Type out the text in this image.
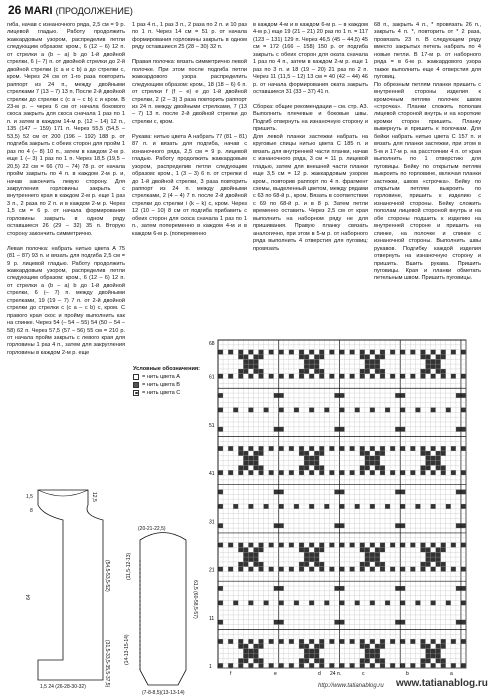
26 MARI (ПРОДОЛЖЕНИЕ)
гиба, начав с изнаночного ряда, 2,5 см = 9 р. лицевой гладью. Работу продолжить жаккардовым узором, распределив петли следующим образом: кром., 6 (12 – 6) 12 п. от стрелки а (b – a) b до 1-й двойной стрелки, 6 (– 7) п. от двойной стрелки до 2-й двойной стрелки (с a и с b) а до стрелки с, кром. Через 24 см от 1-го раза повторить раппорт из 24 п., между двойными стрелками 7 (13 – 7) 13 п. После 2-й двойной стрелки до стрелки с (с a – с b) с и кром. В 23-м р. – через 6 см от начала бокового скоса закрыть для скоса сначала 1 раз по 1 п. и затем в каждом 14-м р. (12 – 14) 12 п., 135 (147 – 159) 171 п. Через 55,5 (54,5 – 53,5) 52 см от 200 (196 – 192) 188 р. от подгиба закрыть с обеих сторон для пройм 1 раз по 4 (– 8) 10 п., затем в каждом 2-м р. еще 1 (– 3) 1 раз по 1 п. Через 18,5 (19,5 – 20,5) 22 см = 66 (70 – 74) 78 р. от начала пройм закрыть по 4 п. в каждом 2-м р. и, начав закончить левую сторону. Для закругления горловины закрыть с внутреннего края в каждом 2-м р. еще 1 раз 3 п., 2 раза по 2 п. и в каждом 2-м р. Через 1,5 см = 6 р. от начала формирования горловины закрыть в одном ряду оставшиеся 26 (29 – 32) 35 п. Вторую сторону закончить симметрично.

Левая полочка: набрать нитью цвета A 75 (81 – 87) 93 п. и вязать для подгиба 2,5 см = 9 р. лицевой гладью. Работу продолжить жаккардовым узором, распределив петли следующим образом: кром., 6 (12 – 6) 12 п. от стрелки а (b – a) b до 1-й двойной стрелки, 6 (– 7) п. между двойными стрелками, 19 (19 – 7) 7 п. от 2-й двойной стрелки до стрелки с (с a – с b) с, кром. С правого края скос и пройму выполнить как на спинке. Через 54 (– 54 – 55) 54 (50 – 54 – 58) 62 п. Через 57,5 (57 – 56) 55 см = 210 р. от начала пройм закрыть с левого края для горловины 1 раз 4 п., затем для закругления горловины в каждом 2-м р. еще
1 раз 4 п., 1 раз 3 п., 2 раза по 2 п. и 10 раз по 1 п. Через 14 см = 51 р. от начала формирования горловины закрыть в одном ряду оставшиеся 25 (28 – 30) 32 п.

Правая полочка: вязать симметрично левой полочке. При этом после подгиба петли жаккардового узора распределить следующим образом: кром., 18 (18 – 6) 6 п. от стрелки f (f – e) е до 1-й двойной стрелки, 2 (2 – 3) 3 раза повторить раппорт из 24 п. между двойными стрелками, 7 (13 – 7) 13 п. после 2-й двойной стрелки до стрелки с, кром.

Рукава: нитью цвета A набрать 77 (81 – 81) 87 п. и вязать для подгиба, начав с изнаночного ряда, 2,5 см = 9 р. лицевой гладью. Работу продолжить жаккардовым узором, распределив петли следующим образом: кром., 1 (3 – 3) 6 п. от стрелки d до 1-й двойной стрелки, 3 раза повторить раппорт из 24 п. между двойными стрелками, 2 (4 – 4) 7 п. после 2-й двойной стрелки до стрелки i (k – k) с, кром. Через 12 (10 – 10) 8 см от подгиба прибавить с обеих сторон для скоса сначала 1 раз по 1 п., затем попеременно в каждом 4-м и в каждом 6-м р. (попеременно
в каждом 4-м и в каждом 6-м р. – в каждом 4-м р.) еще 19 (21 – 21) 20 раз по 1 п. = 117 (123 – 131) 129 п. Через 46,5 (45 – 44,5) 45 см = 172 (166 – 158) 150 р. от подгиба закрыть с обеих сторон для оката сначала 1 раз по 4 п., затем в каждом 2-м р. еще 1 раз по 3 п. и 18 (19 – 20) 21 раз по 2 п. Через 11 (11,5 – 12) 13 см = 40 (42 – 44) 46 р. от начала формирования оката закрыть оставшиеся 31 (33 – 37) 41 п.

Сборка: общие рекомендации – см. стр. А3. Выполнить плечевые и боковые швы. Подгиб отвернуть на изнаночную сторону и пришить.
Для левой планки застежки набрать на круговые спицы нитью цвета C 185 п. и вязать для внутренней части планки, начав с изнаночного ряда, 3 см = 11 р. лицевой гладью, затем для внешней части планки еще 3,5 см = 12 р. жаккардовым узором кром., повторив раппорт по 4 п. фрагмент схемы, выделенный цветом, между рядами с 63 по 68-й р., кром. Вязать в соответствии с 69 по 68-й р. и в 8 р. Затем петли временно оставить. Через 2,5 см от края выполнить на наборном ряду не для пришивания. Правую планку связать аналогично, при этом в 5-м р. от наборного ряда выполнить 4 отверстия для пуговиц: провязать
68 п., закрыть 4 п., * провязать 26 п., закрыть 4 п. *, повторить от * 2 раза, провязать 23 п. В следующем ряду вместо закрытых петель набрать по 4 новые петли. В 17-м р. от наборного ряда = в 6-м р. жаккардового узора также выполнить еще 4 отверстия для пуговиц.
По обрезным петлям планки пришить с внутренней стороны изделия к кромочным петлям полочек швом «строчка». Планки сложить пополам лицевой стороной внутрь и на короткие кромки сторон пришить. Планку вывернуть и пришить к полочкам. Для бейки набрать нитью цвета C 157 п. и вязать для планки застежки, при этом в 5-м и 17-м р. на расстоянии 4 п. от края выполнить по 1 отверстию для пуговицы. Бейку по открытым петлям выкроить по горловине, включая планки застежки, швом «строчка». Бейку по открытым петлям выкроить по горловине, пришить к изделию с изнаночной стороны. Бейку сложить пополам лицевой стороной внутрь и на обе стороны подшить к изделию на внутренней стороне и пришить на спинке, на полочке и спинке с изнаночной стороны. Выполнить швы рукавов. Подгибку каждой изделия отвернуть на изнаночную сторону и пришить. Вшить рукава. Пришить пуговицы. Края и планки обметать петельным швом. Пришить пуговицы.
Условные обозначения:
= нить цвета A
= нить цвета B
= нить цвета C
1,5
8
12,5
(54,5-53,5-52)
64
(31,5-33,5-35,5-37,5)
1,5 24 (26-28-30-32)
(20-21-22,5)
(11,5-12-13)
61,5 (60-58,5-57)
(14-13-15-14)
(7-8-8,5)(13-13-14)
68
61
51
41
31
21
11
1
f	e	d	c	b	a
24 п.
http://www.tatianablog.ru www.tatianablog.ru
